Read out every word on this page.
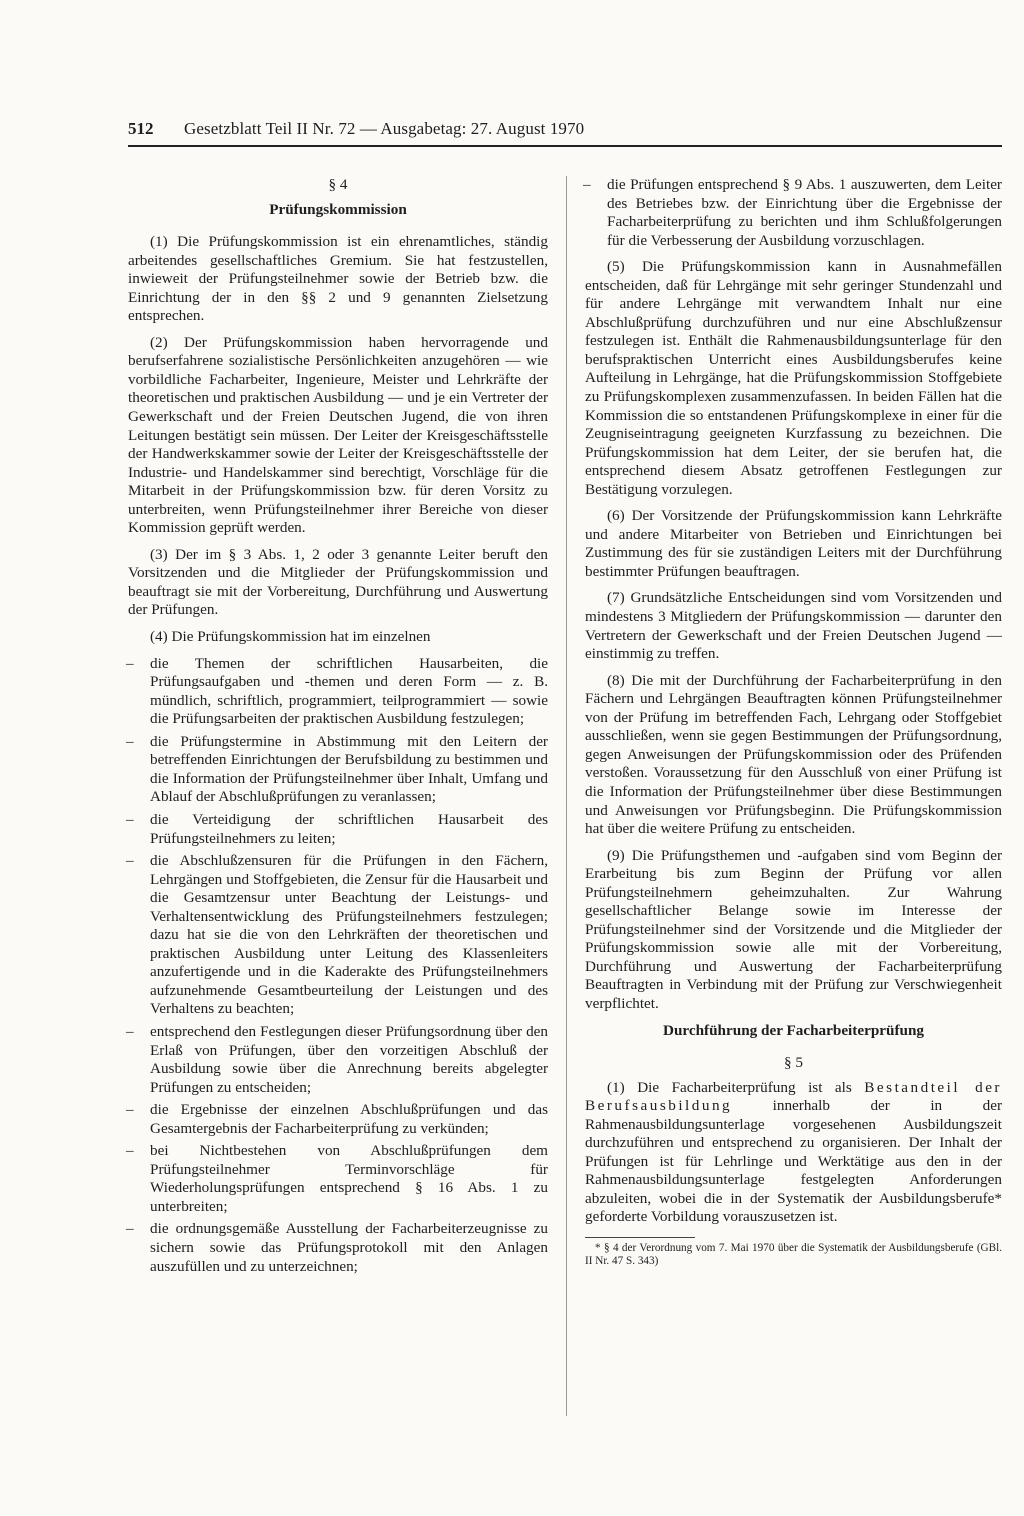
512	Gesetzblatt Teil II Nr. 72 — Ausgabetag: 27. August 1970
§ 4
Prüfungskommission

(1) Die Prüfungskommission ist ein ehrenamtliches, ständig arbeitendes gesellschaftliches Gremium. Sie hat festzustellen, inwieweit der Prüfungsteilnehmer sowie der Betrieb bzw. die Einrichtung der in den §§ 2 und 9 genannten Zielsetzung entsprechen.

(2) Der Prüfungskommission haben hervorragende und berufserfahrene sozialistische Persönlichkeiten anzugehören — wie vorbildliche Facharbeiter, Ingenieure, Meister und Lehrkräfte der theoretischen und praktischen Ausbildung — und je ein Vertreter der Gewerkschaft und der Freien Deutschen Jugend, die von ihren Leitungen bestätigt sein müssen. Der Leiter der Kreisgeschäftsstelle der Handwerkskammer sowie der Leiter der Kreisgeschäftsstelle der Industrie- und Handelskammer sind berechtigt, Vorschläge für die Mitarbeit in der Prüfungskommission bzw. für deren Vorsitz zu unterbreiten, wenn Prüfungsteilnehmer ihrer Bereiche von dieser Kommission geprüft werden.

(3) Der im § 3 Abs. 1, 2 oder 3 genannte Leiter beruft den Vorsitzenden und die Mitglieder der Prüfungskommission und beauftragt sie mit der Vorbereitung, Durchführung und Auswertung der Prüfungen.

(4) Die Prüfungskommission hat im einzelnen

– die Themen der schriftlichen Hausarbeiten, die Prüfungsaufgaben und -themen und deren Form — z. B. mündlich, schriftlich, programmiert, teilprogrammiert — sowie die Prüfungsarbeiten der praktischen Ausbildung festzulegen;
– die Prüfungstermine in Abstimmung mit den Leitern der betreffenden Einrichtungen der Berufsbildung zu bestimmen und die Information der Prüfungsteilnehmer über Inhalt, Umfang und Ablauf der Abschlußprüfungen zu veranlassen;
– die Verteidigung der schriftlichen Hausarbeit des Prüfungsteilnehmers zu leiten;
– die Abschlußzensuren für die Prüfungen in den Fächern, Lehrgängen und Stoffgebieten, die Zensur für die Hausarbeit und die Gesamtzensur unter Beachtung der Leistungs- und Verhaltensentwicklung des Prüfungsteilnehmers festzulegen; dazu hat sie die von den Lehrkräften der theoretischen und praktischen Ausbildung unter Leitung des Klassenleiters anzufertigende und in die Kaderakte des Prüfungsteilnehmers aufzunehmende Gesamtbeurteilung der Leistungen und des Verhaltens zu beachten;
– entsprechend den Festlegungen dieser Prüfungsordnung über den Erlaß von Prüfungen, über den vorzeitigen Abschluß der Ausbildung sowie über die Anrechnung bereits abgelegter Prüfungen zu entscheiden;
– die Ergebnisse der einzelnen Abschlußprüfungen und das Gesamtergebnis der Facharbeiterprüfung zu verkünden;
– bei Nichtbestehen von Abschlußprüfungen dem Prüfungsteilnehmer Terminvorschläge für Wiederholungsprüfungen entsprechend § 16 Abs. 1 zu unterbreiten;
– die ordnungsgemäße Ausstellung der Facharbeiterzeugnisse zu sichern sowie das Prüfungsprotokoll mit den Anlagen auszufüllen und zu unterzeichnen;
– die Prüfungen entsprechend § 9 Abs. 1 auszuwerten, dem Leiter des Betriebes bzw. der Einrichtung über die Ergebnisse der Facharbeiterprüfung zu berichten und ihm Schlußfolgerungen für die Verbesserung der Ausbildung vorzuschlagen.

(5) Die Prüfungskommission kann in Ausnahmefällen entscheiden, daß für Lehrgänge mit sehr geringer Stundenzahl und für andere Lehrgänge mit verwandtem Inhalt nur eine Abschlußprüfung durchzuführen und nur eine Abschlußzensur festzulegen ist. Enthält die Rahmenausbildungsunterlage für den berufspraktischen Unterricht eines Ausbildungsberufes keine Aufteilung in Lehrgänge, hat die Prüfungskommission Stoffgebiete zu Prüfungskomplexen zusammenzufassen. In beiden Fällen hat die Kommission die so entstandenen Prüfungskomplexe in einer für die Zeugniseintragung geeigneten Kurzfassung zu bezeichnen. Die Prüfungskommission hat dem Leiter, der sie berufen hat, die entsprechend diesem Absatz getroffenen Festlegungen zur Bestätigung vorzulegen.

(6) Der Vorsitzende der Prüfungskommission kann Lehrkräfte und andere Mitarbeiter von Betrieben und Einrichtungen bei Zustimmung des für sie zuständigen Leiters mit der Durchführung bestimmter Prüfungen beauftragen.

(7) Grundsätzliche Entscheidungen sind vom Vorsitzenden und mindestens 3 Mitgliedern der Prüfungskommission — darunter den Vertretern der Gewerkschaft und der Freien Deutschen Jugend — einstimmig zu treffen.

(8) Die mit der Durchführung der Facharbeiterprüfung in den Fächern und Lehrgängen Beauftragten können Prüfungsteilnehmer von der Prüfung im betreffenden Fach, Lehrgang oder Stoffgebiet ausschließen, wenn sie gegen Bestimmungen der Prüfungsordnung, gegen Anweisungen der Prüfungskommission oder des Prüfenden verstoßen. Voraussetzung für den Ausschluß von einer Prüfung ist die Information der Prüfungsteilnehmer über diese Bestimmungen und Anweisungen vor Prüfungsbeginn. Die Prüfungskommission hat über die weitere Prüfung zu entscheiden.

(9) Die Prüfungsthemen und -aufgaben sind vom Beginn der Erarbeitung bis zum Beginn der Prüfung vor allen Prüfungsteilnehmern geheimzuhalten. Zur Wahrung gesellschaftlicher Belange sowie im Interesse der Prüfungsteilnehmer sind der Vorsitzende und die Mitglieder der Prüfungskommission sowie alle mit der Vorbereitung, Durchführung und Auswertung der Facharbeiterprüfung Beauftragten in Verbindung mit der Prüfung zur Verschwiegenheit verpflichtet.

Durchführung der Facharbeiterprüfung
§ 5

(1) Die Facharbeiterprüfung ist als Bestandteil der Berufsausbildung innerhalb der in der Rahmenausbildungsunterlage vorgesehenen Ausbildungszeit durchzuführen und entsprechend zu organisieren. Der Inhalt der Prüfungen ist für Lehrlinge und Werktätige aus den in der Rahmenausbildungsunterlage festgelegten Anforderungen abzuleiten, wobei die in der Systematik der Ausbildungsberufe* geforderte Vorbildung vorauszusetzen ist.

* § 4 der Verordnung vom 7. Mai 1970 über die Systematik der Ausbildungsberufe (GBl. II Nr. 47 S. 343)
